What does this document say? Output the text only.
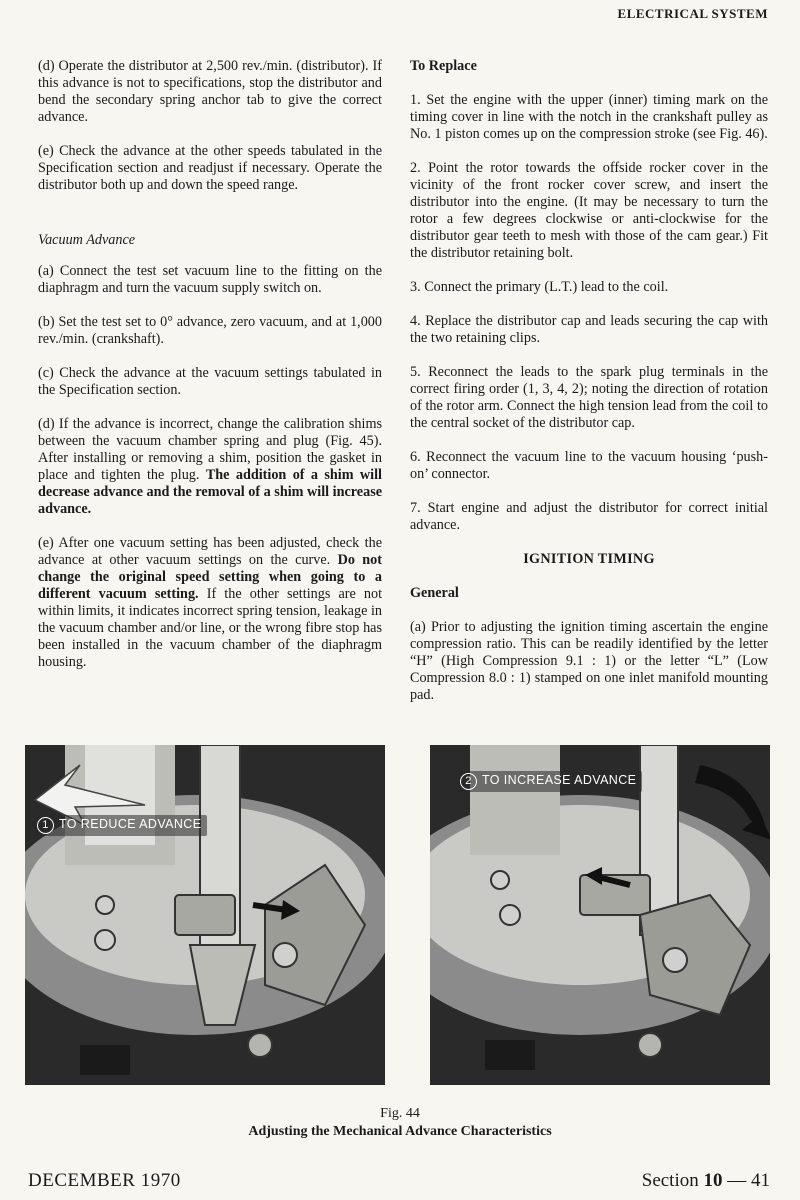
ELECTRICAL SYSTEM

(d) Operate the distributor at 2,500 rev./min. (distributor). If this advance is not to specifications, stop the distributor and bend the secondary spring anchor tab to give the correct advance.

(e) Check the advance at the other speeds tabulated in the Specification section and readjust if necessary. Operate the distributor both up and down the speed range.

Vacuum Advance

(a) Connect the test set vacuum line to the fitting on the diaphragm and turn the vacuum supply switch on.

(b) Set the test set to 0° advance, zero vacuum, and at 1,000 rev./min. (crankshaft).

(c) Check the advance at the vacuum settings tabulated in the Specification section.

(d) If the advance is incorrect, change the calibration shims between the vacuum chamber spring and plug (Fig. 45). After installing or removing a shim, position the gasket in place and tighten the plug. The addition of a shim will decrease advance and the removal of a shim will increase advance.

(e) After one vacuum setting has been adjusted, check the advance at other vacuum settings on the curve. Do not change the original speed setting when going to a different vacuum setting. If the other settings are not within limits, it indicates incorrect spring tension, leakage in the vacuum chamber and/or line, or the wrong fibre stop has been installed in the vacuum chamber of the diaphragm housing.

To Replace

1. Set the engine with the upper (inner) timing mark on the timing cover in line with the notch in the crankshaft pulley as No. 1 piston comes up on the compression stroke (see Fig. 46).

2. Point the rotor towards the offside rocker cover in the vicinity of the front rocker cover screw, and insert the distributor into the engine. (It may be necessary to turn the rotor a few degrees clockwise or anti-clockwise for the distributor gear teeth to mesh with those of the cam gear.) Fit the distributor retaining bolt.

3. Connect the primary (L.T.) lead to the coil.

4. Replace the distributor cap and leads securing the cap with the two retaining clips.

5. Reconnect the leads to the spark plug terminals in the correct firing order (1, 3, 4, 2); noting the direction of rotation of the rotor arm. Connect the high tension lead from the coil to the central socket of the distributor cap.

6. Reconnect the vacuum line to the vacuum housing ‘push-on’ connector.

7. Start engine and adjust the distributor for correct initial advance.

IGNITION TIMING

General

(a) Prior to adjusting the ignition timing ascertain the engine compression ratio. This can be readily identified by the letter “H” (High Compression 9.1 : 1) or the letter “L” (Low Compression 8.0 : 1) stamped on one inlet manifold mounting pad.

1 TO REDUCE ADVANCE
2 TO INCREASE ADVANCE
Fig. 44
Adjusting the Mechanical Advance Characteristics
DECEMBER 1970	Section 10 — 41
